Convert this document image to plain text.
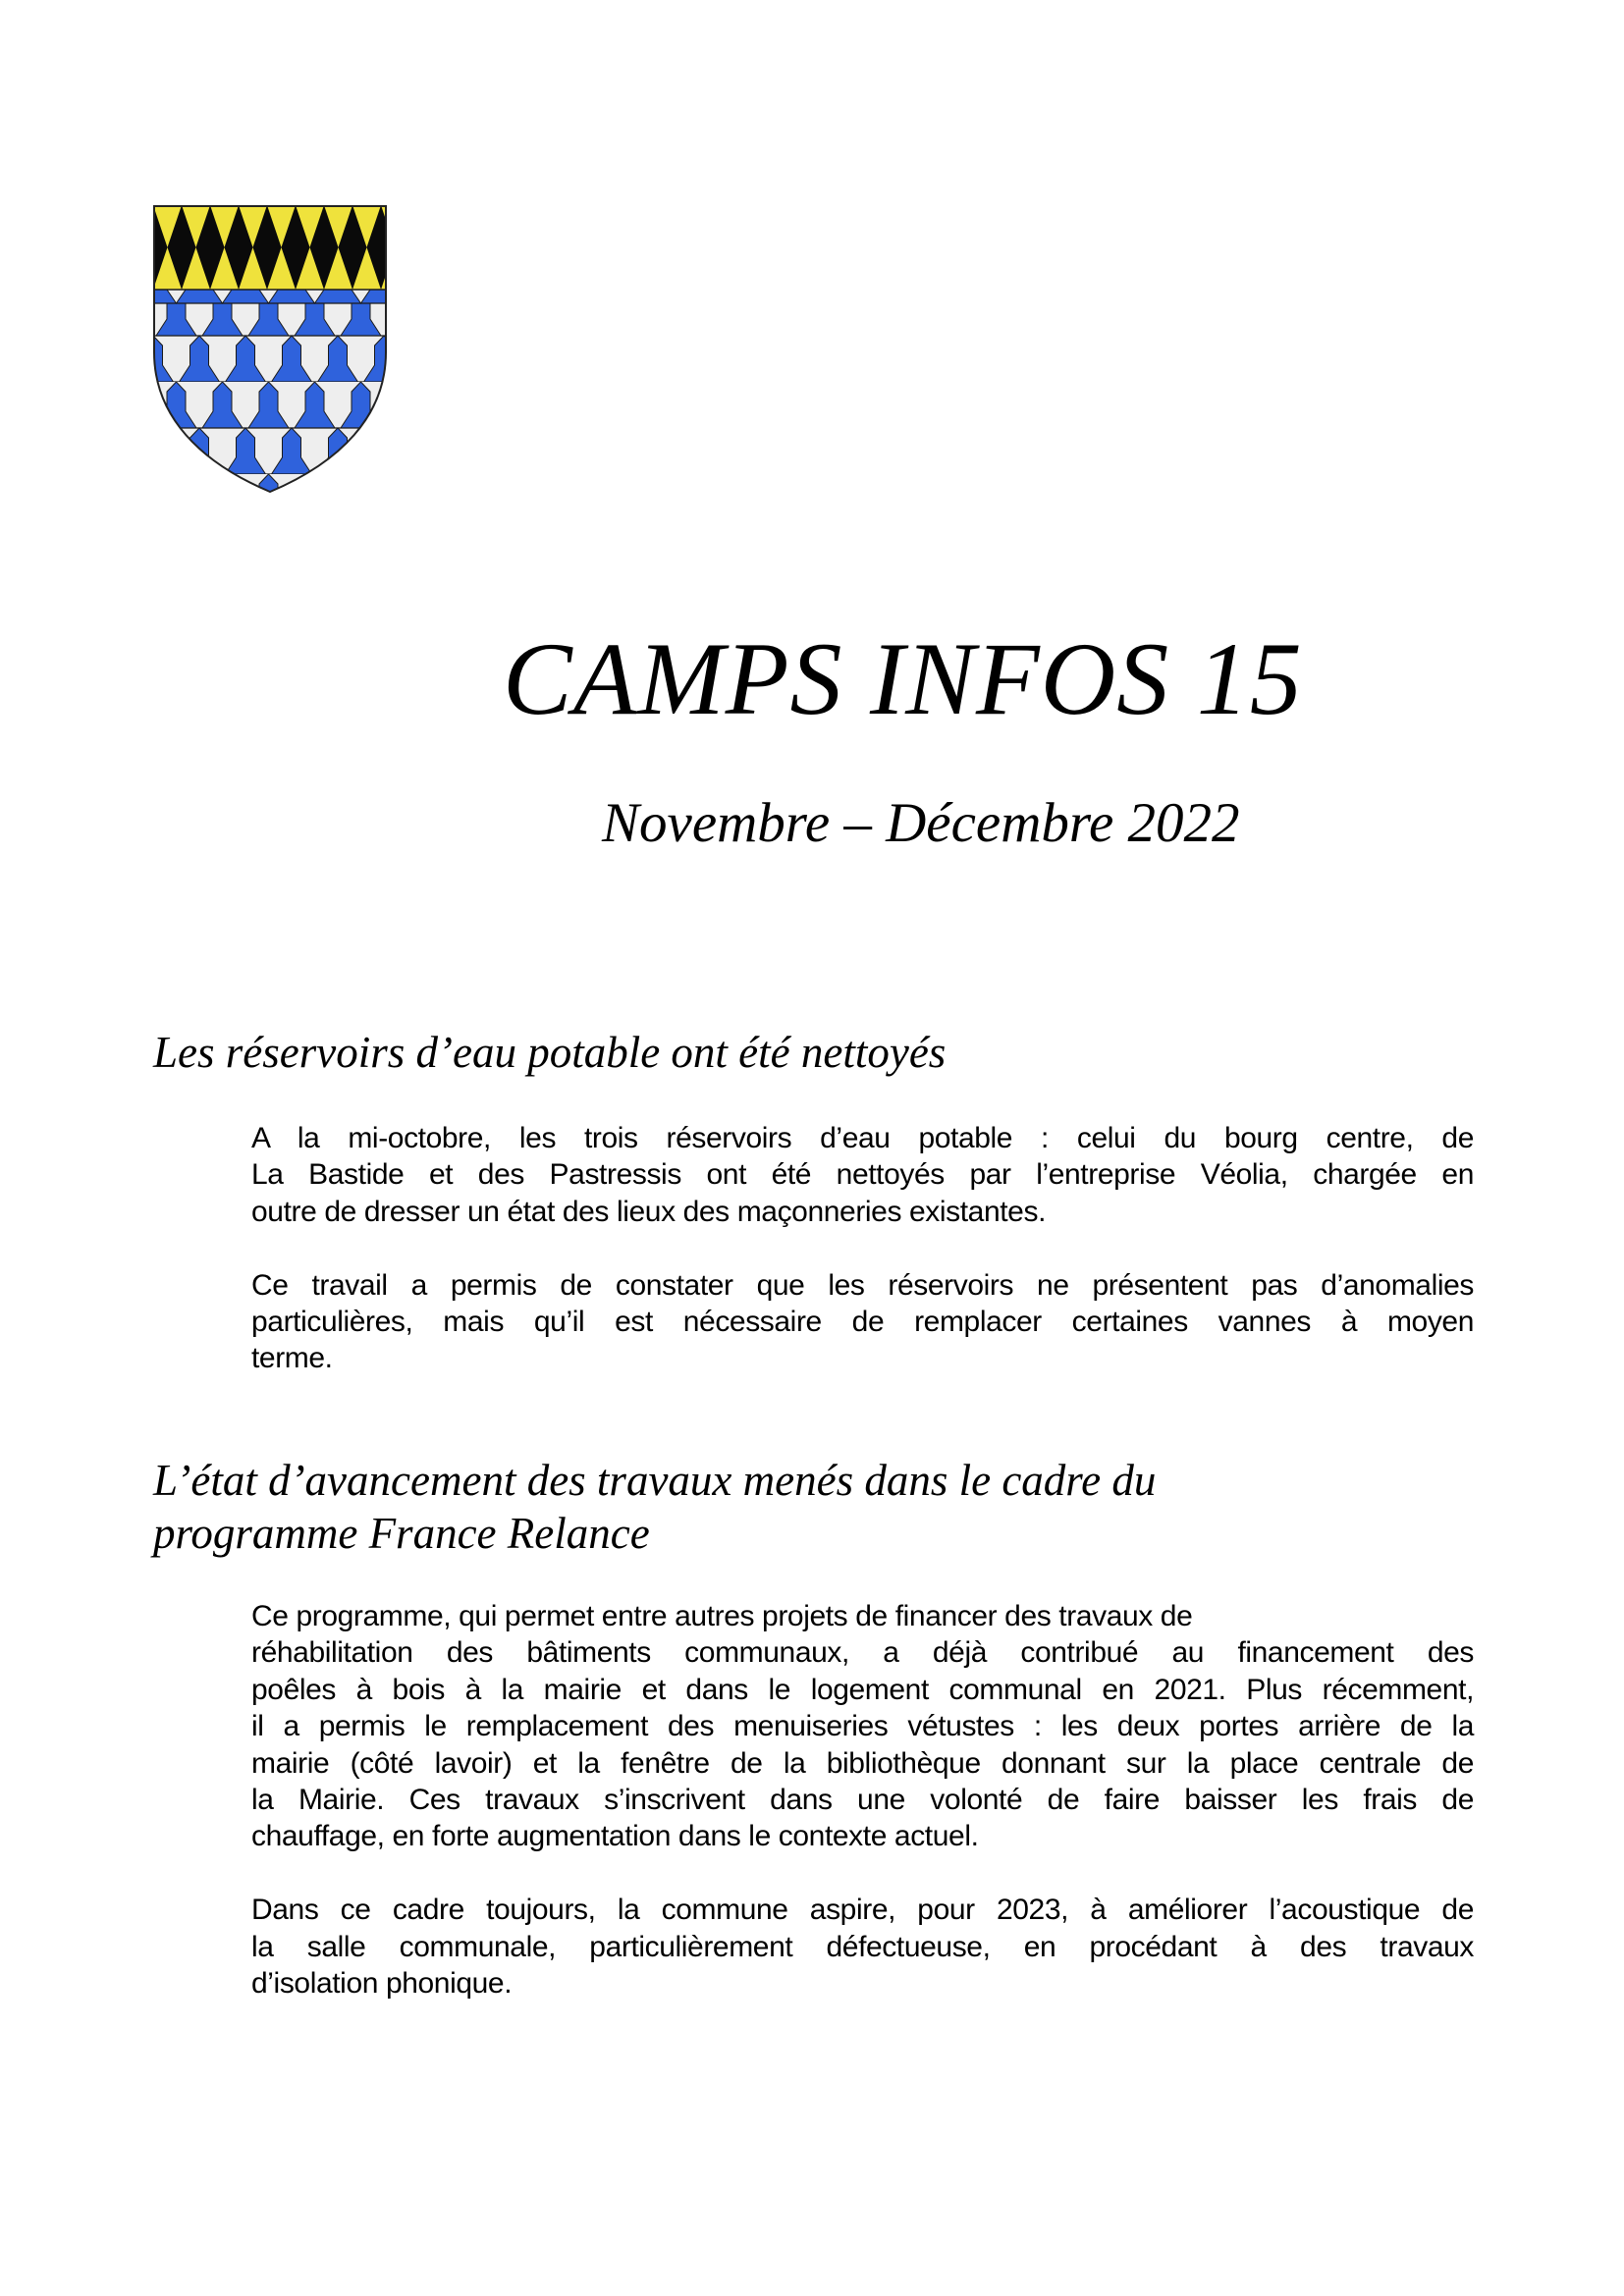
CAMPS INFOS 15
Novembre – Décembre 2022
Les réservoirs d’eau potable ont été nettoyés

A la mi-octobre, les trois réservoirs d’eau potable : celui du bourg centre, de
La Bastide et des Pastressis ont été nettoyés par l’entreprise Véolia, chargée en
outre de dresser un état des lieux des maçonneries existantes.

Ce travail a permis de constater que les réservoirs ne présentent pas d’anomalies
particulières, mais qu’il est nécessaire de remplacer certaines vannes à moyen
terme.

L’état d’avancement des travaux menés dans le cadre du
programme France Relance

Ce programme, qui permet entre autres projets de financer des travaux de
réhabilitation des bâtiments communaux, a déjà contribué au financement des
poêles à bois à la mairie et dans le logement communal en 2021. Plus récemment,
il a permis le remplacement des menuiseries vétustes : les deux portes arrière de la
mairie (côté lavoir) et la fenêtre de la bibliothèque donnant sur la place centrale de
la Mairie. Ces travaux s’inscrivent dans une volonté de faire baisser les frais de
chauffage, en forte augmentation dans le contexte actuel.

Dans ce cadre toujours, la commune aspire, pour 2023, à améliorer l’acoustique de
la salle communale, particulièrement défectueuse, en procédant à des travaux
d’isolation phonique.
